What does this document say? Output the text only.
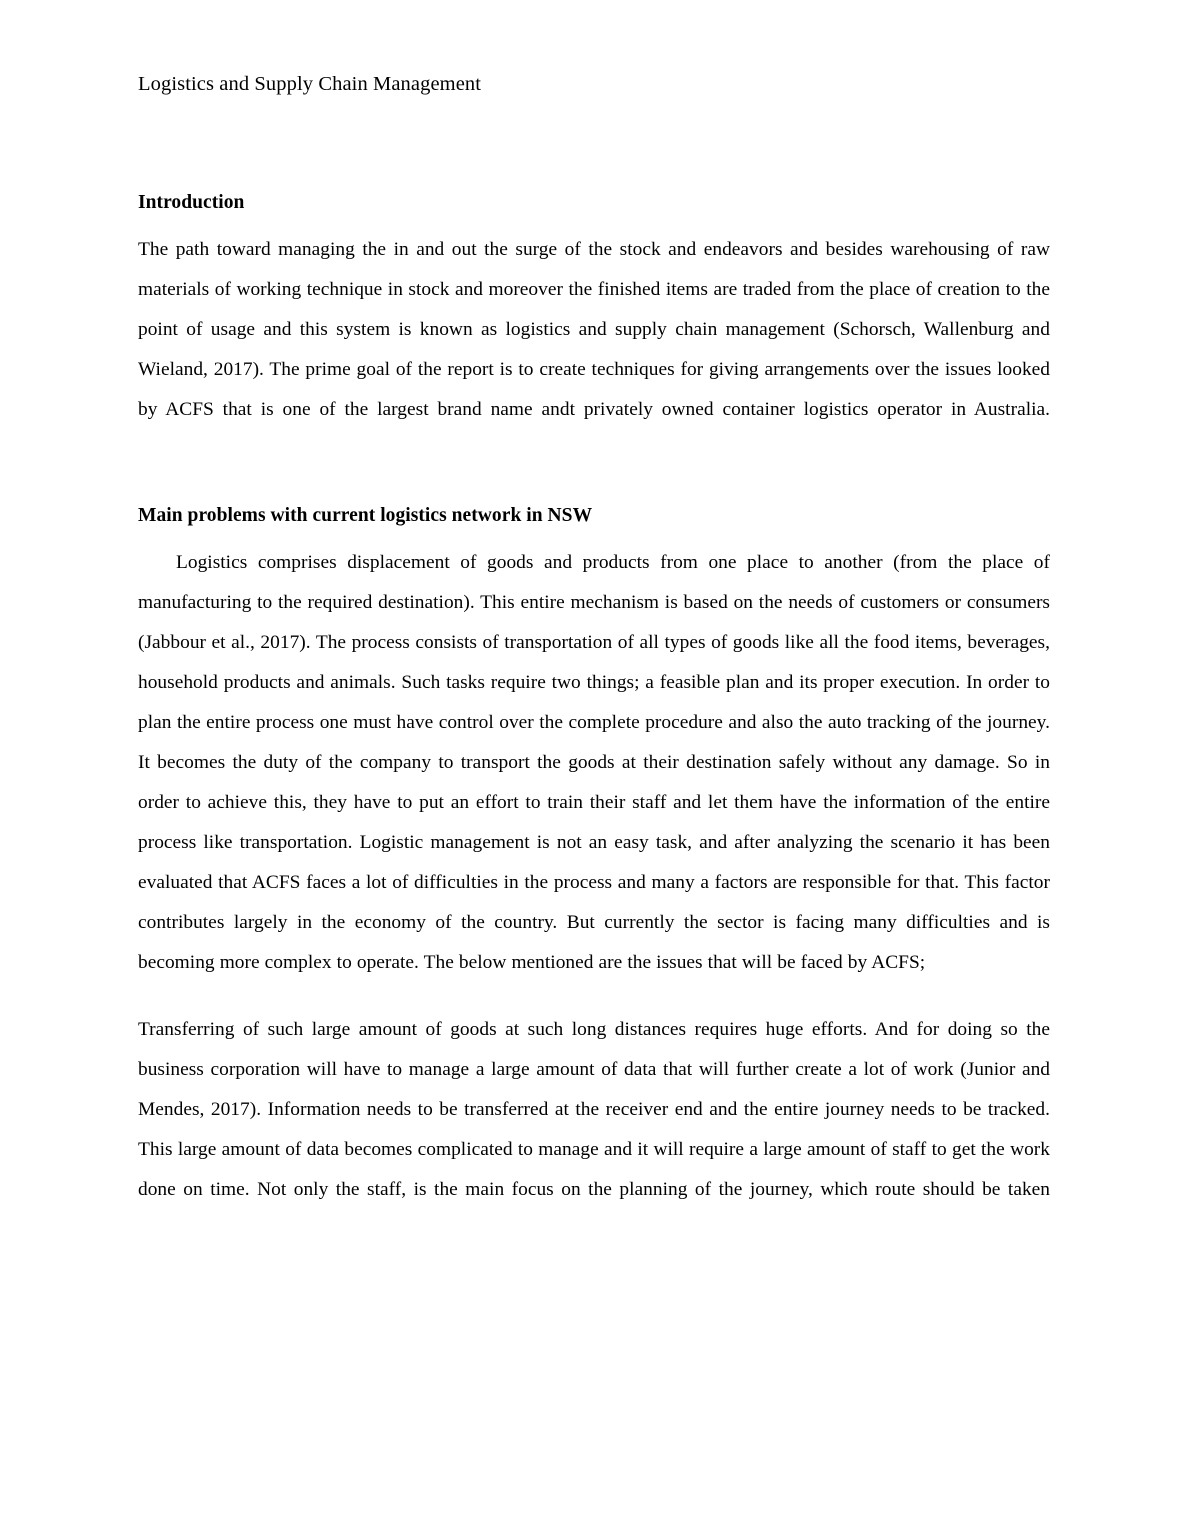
Logistics and Supply Chain Management
Introduction

The path toward managing the in and out the surge of the stock and endeavors and besides warehousing of raw materials of working technique in stock and moreover the finished items are traded from the place of creation to the point of usage and this system is known as logistics and supply chain management (Schorsch, Wallenburg and Wieland, 2017). The prime goal of the report is to create techniques for giving arrangements over the issues looked by ACFS that is one of the largest brand name andt privately owned container logistics operator in Australia.

Main problems with current logistics network in NSW

Logistics comprises displacement of goods and products from one place to another (from the place of manufacturing to the required destination). This entire mechanism is based on the needs of customers or consumers (Jabbour et al., 2017). The process consists of transportation of all types of goods like all the food items, beverages, household products and animals. Such tasks require two things; a feasible plan and its proper execution. In order to plan the entire process one must have control over the complete procedure and also the auto tracking of the journey. It becomes the duty of the company to transport the goods at their destination safely without any damage. So in order to achieve this, they have to put an effort to train their staff and let them have the information of the entire process like transportation. Logistic management is not an easy task, and after analyzing the scenario it has been evaluated that ACFS faces a lot of difficulties in the process and many a factors are responsible for that. This factor contributes largely in the economy of the country. But currently the sector is facing many difficulties and is becoming more complex to operate. The below mentioned are the issues that will be faced by ACFS;

Transferring of such large amount of goods at such long distances requires huge efforts. And for doing so the business corporation will have to manage a large amount of data that will further create a lot of work (Junior and Mendes, 2017). Information needs to be transferred at the receiver end and the entire journey needs to be tracked. This large amount of data becomes complicated to manage and it will require a large amount of staff to get the work done on time. Not only the staff, is the main focus on the planning of the journey, which route should be taken
